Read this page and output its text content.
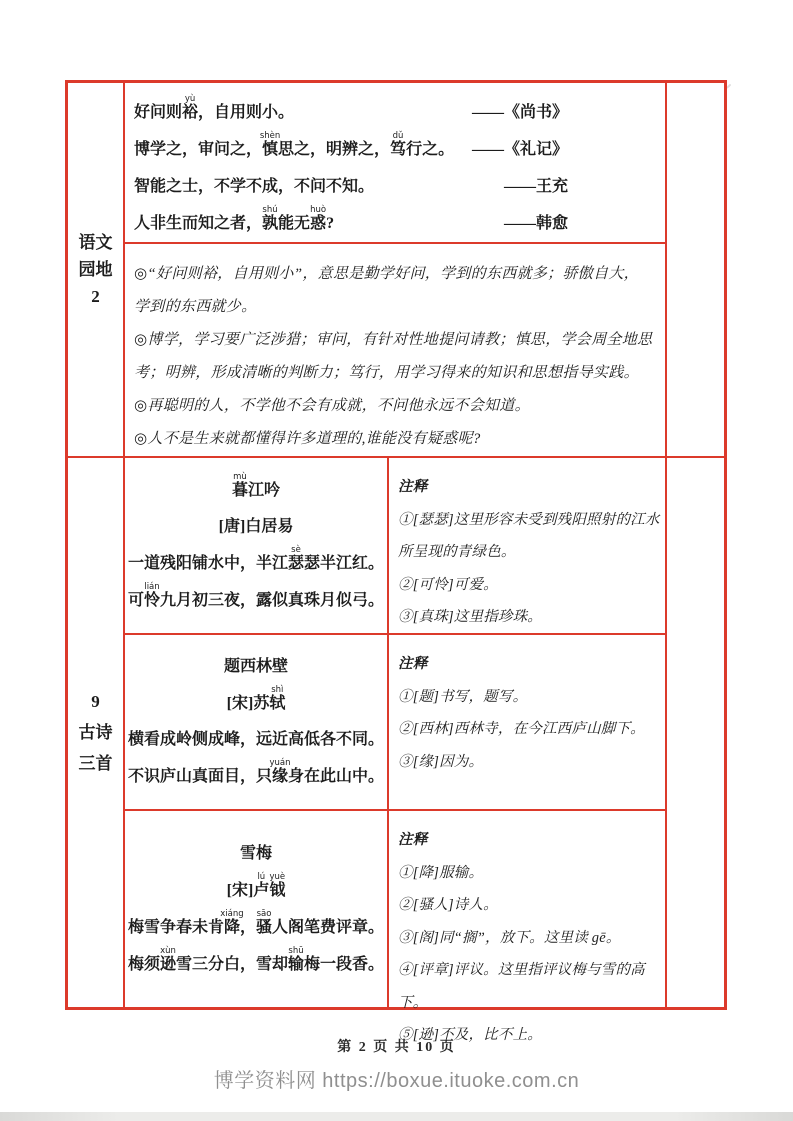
语文
园地
2
好问则裕yù，自用则小。	——《尚书》
博学之，审问之，慎shèn思之，明辨之，笃dǔ行之。	——《礼记》
智能之士，不学不成，不问不知。	——王充
人非生而知之者，孰shú能无惑huò?	——韩愈
◎“好问则裕，自用则小”，意思是勤学好问，学到的东西就多；骄傲自大，学到的东西就少。
◎博学，学习要广泛涉猎；审问，有针对性地提问请教；慎思，学会周全地思考；明辨，形成清晰的判断力；笃行，用学习得来的知识和思想指导实践。
◎再聪明的人，不学他不会有成就，不问他永远不会知道。
◎人不是生来就都懂得许多道理的,谁能没有疑惑呢?
9
古诗
三首
暮mù江吟
[唐]白居易
一道残阳铺水中，半江瑟sè瑟半江红。
可怜lián九月初三夜，露似真珠月似弓。
注释
①[瑟瑟]这里形容未受到残阳照射的江水所呈现的青绿色。
②[可怜]可爱。
③[真珠]这里指珍珠。
题西林壁
[宋]苏轼shì
横看成岭侧成峰，远近高低各不同。
不识庐山真面目，只缘yuán身在此山中。
注释
①[题]书写，题写。
②[西林]西林寺，在今江西庐山脚下。
③[缘]因为。
雪梅
[宋]卢lú钺yuè
梅雪争春未肯降xiáng，骚sāo人阁笔费评章。
梅须逊xùn雪三分白，雪却输shū梅一段香。
注释
①[降]服输。
②[骚人]诗人。
③[阁]同“搁”，放下。这里读 gē。
④[评章]评议。这里指评议梅与雪的高下。
⑤[逊]不及，比不上。
第 2 页 共 10 页
博学资料网 https://boxue.ituoke.com.cn
